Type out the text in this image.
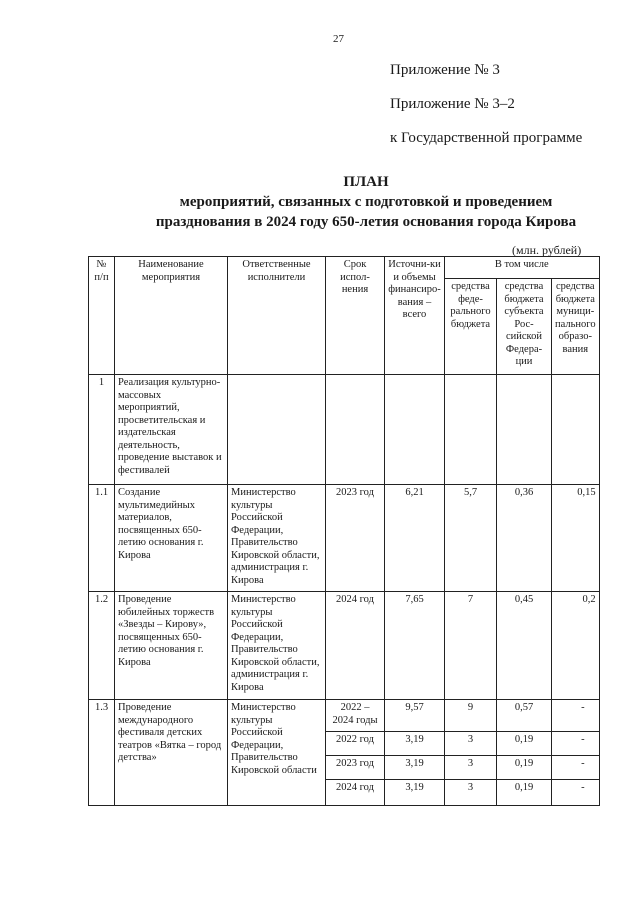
27
Приложение № 3
Приложение № 3–2
к Государственной программе
ПЛАН
мероприятий, связанных с подготовкой и проведением
празднования в 2024 году 650-летия основания города Кирова
(млн. рублей)
№ п/п	Наименование мероприятия	Ответственные исполнители	Срок испол-нения	Источни-ки и объемы финансиро-вания – всего	В том числе		
					средства феде-рального бюджета	средства бюджета субъекта Рос-сийской Федера-ции	средства бюджета муници-пального образо-вания
1	Реализация культурно-массовых мероприятий, просветительская и издательская деятельность, проведение выставок и фестивалей						
1.1	Создание мультимедийных материалов, посвященных 650-летию основания г. Кирова	Министерство культуры Российской Федерации, Правительство Кировской области, администрация г. Кирова	2023 год	6,21	5,7	0,36	0,15
1.2	Проведение юбилейных торжеств «Звезды – Кирову», посвященных 650-летию основания г. Кирова	Министерство культуры Российской Федерации, Правительство Кировской области, администрация г. Кирова	2024 год	7,65	7	0,45	0,2
1.3	Проведение международного фестиваля детских театров «Вятка – город детства»	Министерство культуры Российской Федерации, Правительство Кировской области	2022 – 2024 годы	9,57	9	0,57	-
			2022 год	3,19	3	0,19	-
			2023 год	3,19	3	0,19	-
			2024 год	3,19	3	0,19	-
